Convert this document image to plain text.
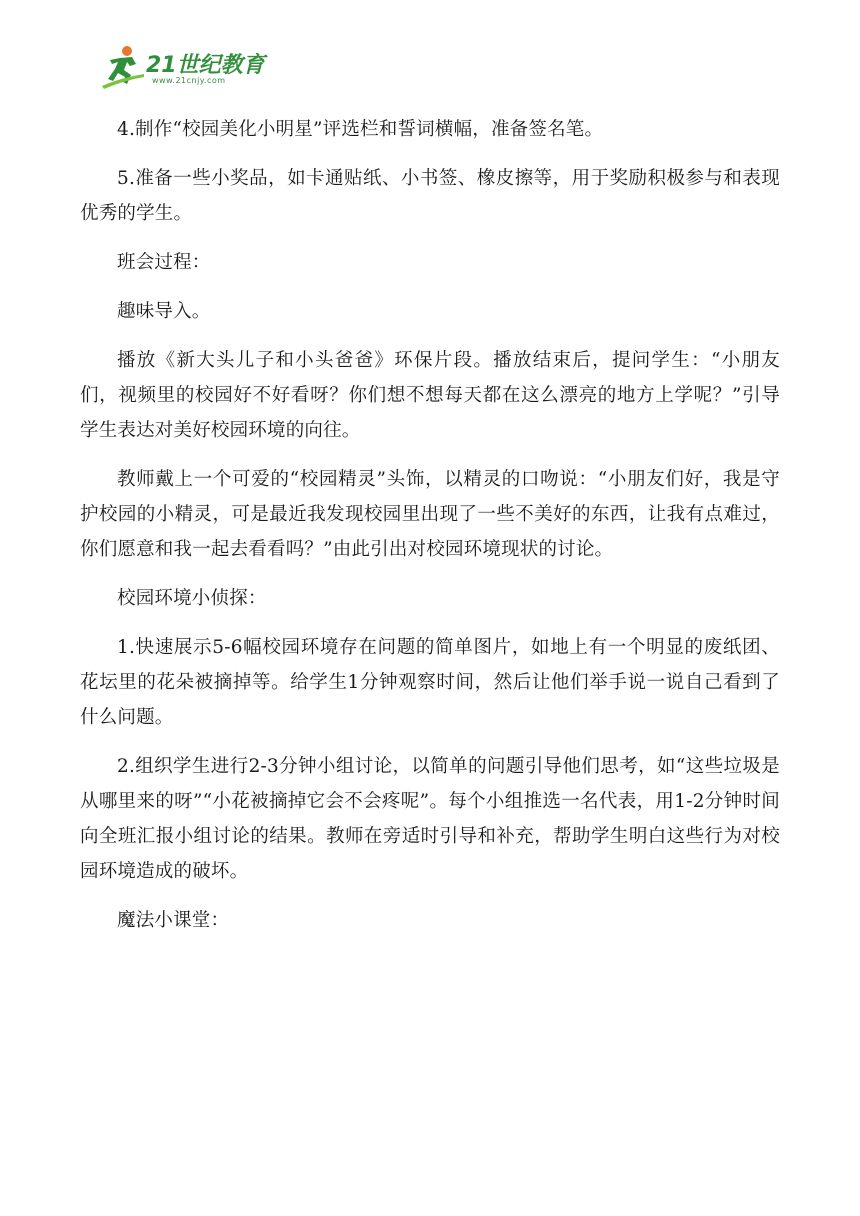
21世纪教育
www.21cnjy.com

4.制作“校园美化小明星”评选栏和誓词横幅，准备签名笔。

5.准备一些小奖品，如卡通贴纸、小书签、橡皮擦等，用于奖励积极参与和表现优秀的学生。

班会过程：

趣味导入。

播放《新大头儿子和小头爸爸》环保片段。播放结束后，提问学生：“小朋友们，视频里的校园好不好看呀？你们想不想每天都在这么漂亮的地方上学呢？”引导学生表达对美好校园环境的向往。

教师戴上一个可爱的“校园精灵”头饰，以精灵的口吻说：“小朋友们好，我是守护校园的小精灵，可是最近我发现校园里出现了一些不美好的东西，让我有点难过，你们愿意和我一起去看看吗？”由此引出对校园环境现状的讨论。

校园环境小侦探：

1.快速展示5-6幅校园环境存在问题的简单图片，如地上有一个明显的废纸团、花坛里的花朵被摘掉等。给学生1分钟观察时间，然后让他们举手说一说自己看到了什么问题。

2.组织学生进行2-3分钟小组讨论，以简单的问题引导他们思考，如“这些垃圾是从哪里来的呀”“小花被摘掉它会不会疼呢”。每个小组推选一名代表，用1-2分钟时间向全班汇报小组讨论的结果。教师在旁适时引导和补充，帮助学生明白这些行为对校园环境造成的破坏。

魔法小课堂：
